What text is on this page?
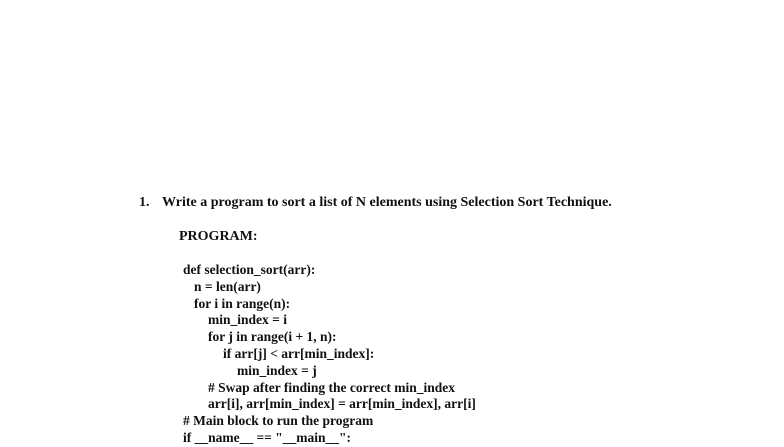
1. Write a program to sort a list of N elements using Selection Sort Technique.
PROGRAM:
def selection_sort(arr):
n = len(arr)
for i in range(n):
min_index = i
for j in range(i + 1, n):
if arr[j] < arr[min_index]:
min_index = j
# Swap after finding the correct min_index
arr[i], arr[min_index] = arr[min_index], arr[i]
# Main block to run the program
if __name__ == "__main__":
